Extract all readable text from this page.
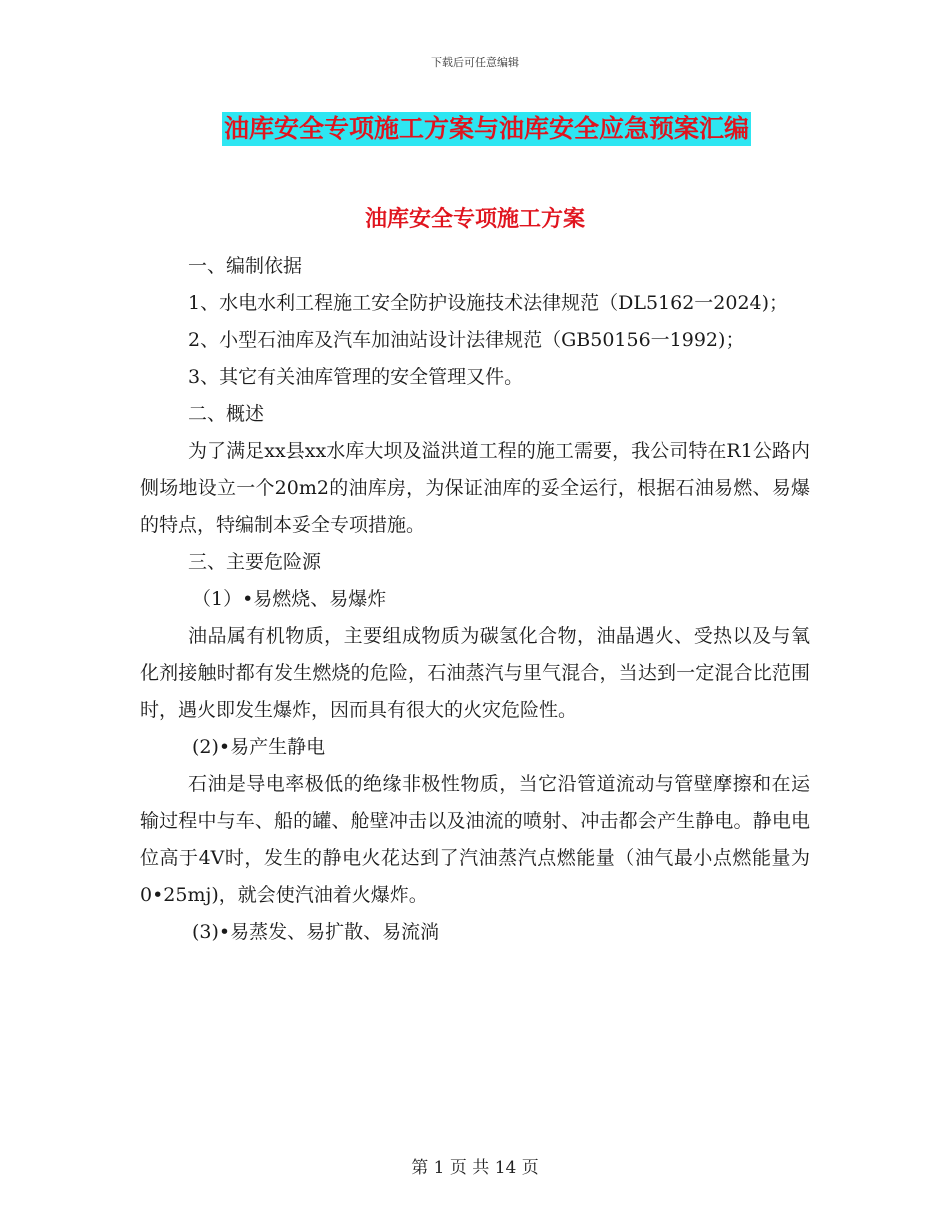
下载后可任意编辑
油库安全专项施工方案与油库安全应急预案汇编
油库安全专项施工方案

一、编制依据

1、水电水利工程施工安全防护设施技术法律规范（DL5162一2024)；

2、小型石油库及汽车加油站设计法律规范（GB50156一1992)；

3、其它有关油库管理的安全管理又件。

二、概述

为了满足xx县xx水库大坝及溢洪道工程的施工需要，我公司特在R1公路内侧场地设立一个20m2的油库房，为保证油库的妥全运行，根据石油易燃、易爆的特点，特编制本妥全专项措施。

三、主要危险源

（1）•易燃烧、易爆炸

油品属有机物质，主要组成物质为碳氢化合物，油晶遇火、受热以及与氧化剂接触时都有发生燃烧的危险，石油蒸汽与里气混合，当达到一定混合比范围时，遇火即发生爆炸，因而具有很大的火灾危险性。

(2)•易产生静电

石油是导电率极低的绝缘非极性物质，当它沿管道流动与管壁摩擦和在运输过程中与车、船的罐、舱壁冲击以及油流的喷射、冲击都会产生静电。静电电位高于4V时，发生的静电火花达到了汽油蒸汽点燃能量（油气最小点燃能量为0•25mj)，就会使汽油着火爆炸。

(3)•易蒸发、易扩散、易流淌

第 1 页 共 14 页
